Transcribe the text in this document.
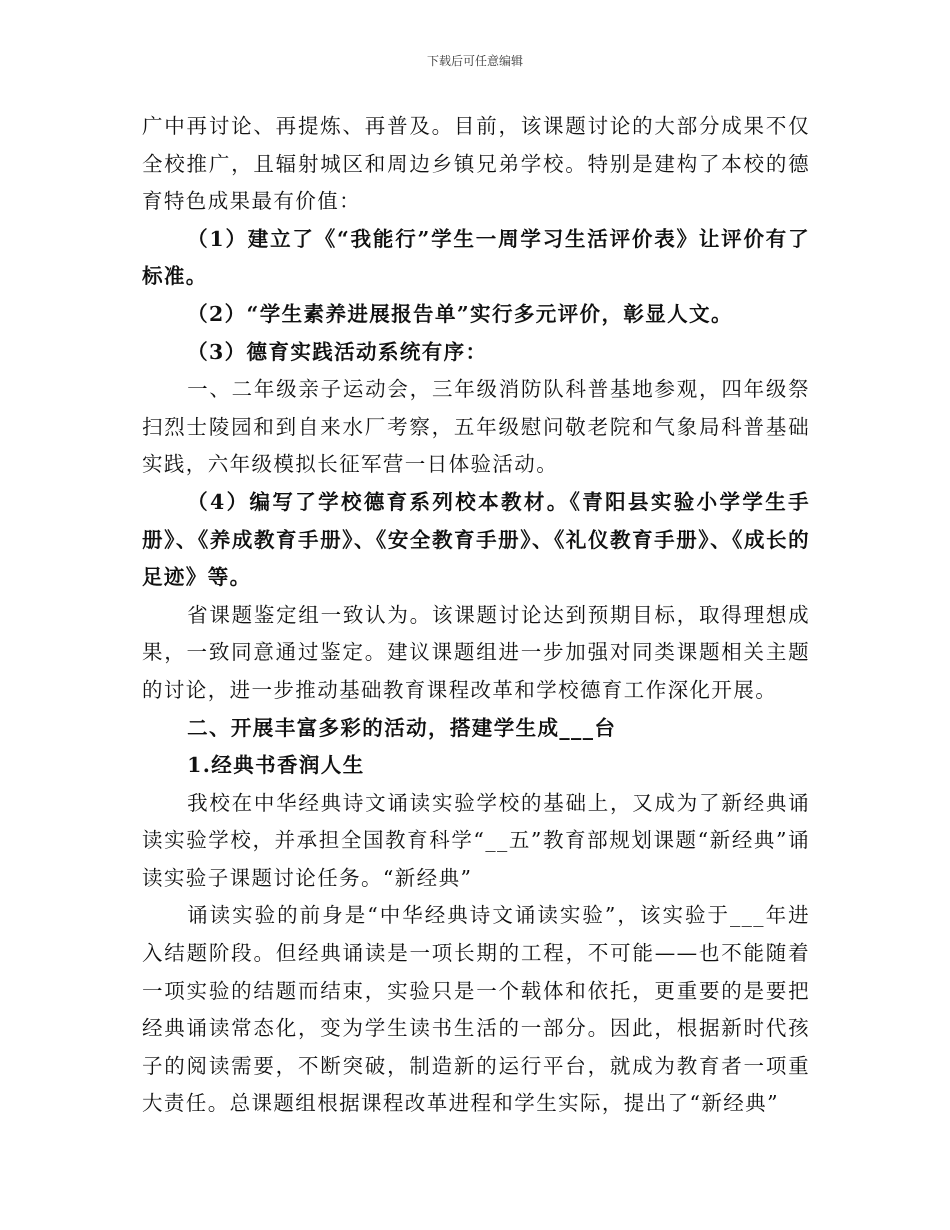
下载后可任意编辑

广中再讨论、再提炼、再普及。目前，该课题讨论的大部分成果不仅全校推广，且辐射城区和周边乡镇兄弟学校。特别是建构了本校的德育特色成果最有价值：

（1）建立了《“我能行”学生一周学习生活评价表》让评价有了标准。

（2）“学生素养进展报告单”实行多元评价，彰显人文。

（3）德育实践活动系统有序：

一、二年级亲子运动会，三年级消防队科普基地参观，四年级祭扫烈士陵园和到自来水厂考察，五年级慰问敬老院和气象局科普基础实践，六年级模拟长征军营一日体验活动。

（4）编写了学校德育系列校本教材。《青阳县实验小学学生手册》、《养成教育手册》、《安全教育手册》、《礼仪教育手册》、《成长的足迹》等。

省课题鉴定组一致认为。该课题讨论达到预期目标，取得理想成果，一致同意通过鉴定。建议课题组进一步加强对同类课题相关主题的讨论，进一步推动基础教育课程改革和学校德育工作深化开展。

二、开展丰富多彩的活动，搭建学生成___台

1.经典书香润人生

我校在中华经典诗文诵读实验学校的基础上，又成为了新经典诵读实验学校，并承担全国教育科学“__五”教育部规划课题“新经典”诵读实验子课题讨论任务。“新经典”

诵读实验的前身是“中华经典诗文诵读实验”，该实验于___年进入结题阶段。但经典诵读是一项长期的工程，不可能——也不能随着一项实验的结题而结束，实验只是一个载体和依托，更重要的是要把经典诵读常态化，变为学生读书生活的一部分。因此，根据新时代孩子的阅读需要，不断突破，制造新的运行平台，就成为教育者一项重大责任。总课题组根据课程改革进程和学生实际，提出了“新经典”
